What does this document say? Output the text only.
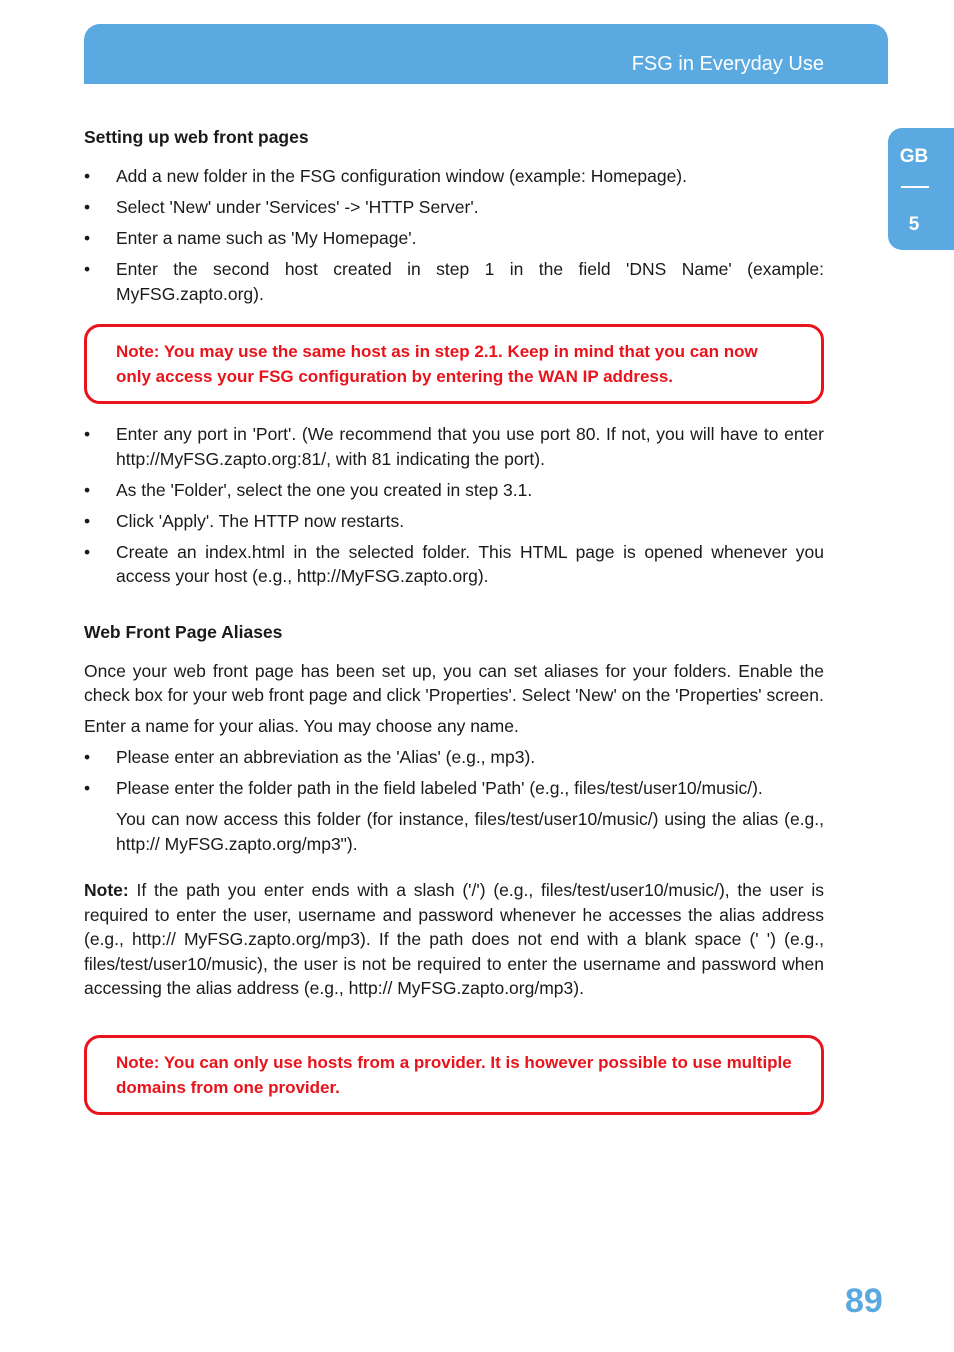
FSG in Everyday Use
GB
5
Setting up web front pages
• Add a new folder in the FSG configuration window (example: Homepage).
• Select 'New' under 'Services' -> 'HTTP Server'.
• Enter a name such as 'My Homepage'.
• Enter the second host created in step 1 in the field 'DNS Name' (example: MyFSG.zapto.org).
Note: You may use the same host as in step 2.1. Keep in mind that you can now only access your FSG configuration by entering the WAN IP address.
• Enter any port in 'Port'. (We recommend that you use port 80. If not, you will have to enter http://MyFSG.zapto.org:81/, with 81 indicating the port).
• As the 'Folder', select the one you created in step 3.1.
• Click 'Apply'. The HTTP now restarts.
• Create an index.html in the selected folder. This HTML page is opened whenever you access your host (e.g., http://MyFSG.zapto.org).
Web Front Page Aliases

Once your web front page has been set up, you can set aliases for your folders. Enable the check box for your web front page and click 'Properties'. Select 'New' on the 'Properties' screen.

Enter a name for your alias. You may choose any name.

• Please enter an abbreviation as the 'Alias' (e.g., mp3).
• Please enter the folder path in the field labeled 'Path' (e.g., files/test/user10/music/).

You can now access this folder (for instance, files/test/user10/music/) using the alias (e.g., http:// MyFSG.zapto.org/mp3").

Note: If the path you enter ends with a slash ('/') (e.g., files/test/user10/music/), the user is required to enter the user, username and password whenever he accesses the alias address (e.g., http:// MyFSG.zapto.org/mp3). If the path does not end with a blank space (' ') (e.g., files/test/user10/music), the user is not be required to enter the username and password when accessing the alias address (e.g., http:// MyFSG.zapto.org/mp3).

Note: You can only use hosts from a provider. It is however possible to use multiple domains from one provider.
89
